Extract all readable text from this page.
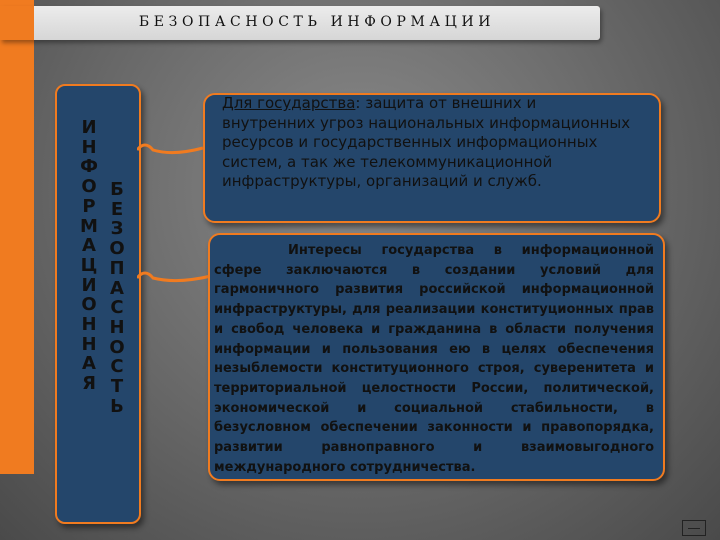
БЕЗОПАСНОСТЬ ИНФОРМАЦИИ
ИНФОРМАЦИОННАЯ
БЕЗОПАСНОСТЬ
Для государства: защита от внешних и внутренних угроз национальных информационных ресурсов и государственных информационных систем, а так же телекоммуникационной инфраструктуры, организаций и служб.
Интересы государства в информационной сфере заключаются в создании условий для гармоничного развития российской информационной инфраструктуры, для реализации конституционных прав и свобод человека и гражданина в области получения информации и пользования ею в целях обеспечения незыблемости конституционного строя, суверенитета и территориальной целостности России, политической, экономической и социальной стабильности, в безусловном обеспечении законности и правопорядка, развитии равноправного и взаимовыгодного международного сотрудничества.
